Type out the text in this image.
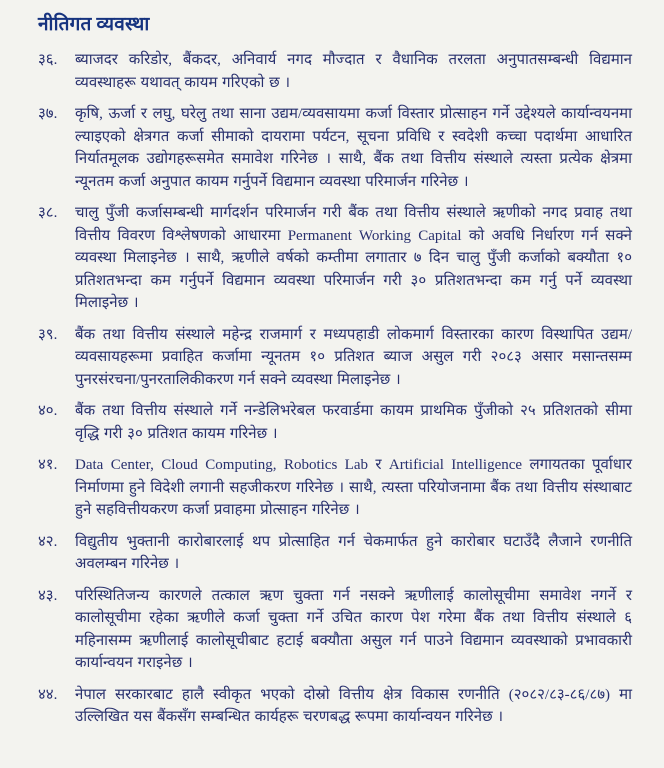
नीतिगत व्यवस्था
३६.	ब्याजदर करिडोर, बैंकदर, अनिवार्य नगद मौज्दात र वैधानिक तरलता अनुपातसम्बन्धी विद्यमान व्यवस्थाहरू यथावत् कायम गरिएको छ ।

३७.	कृषि, ऊर्जा र लघु, घरेलु तथा साना उद्यम/व्यवसायमा कर्जा विस्तार प्रोत्साहन गर्ने उद्देश्यले कार्यान्वयनमा ल्याइएको क्षेत्रगत कर्जा सीमाको दायरामा पर्यटन, सूचना प्रविधि र स्वदेशी कच्चा पदार्थमा आधारित निर्यातमूलक उद्योगहरूसमेत समावेश गरिनेछ । साथै, बैंक तथा वित्तीय संस्थाले त्यस्ता प्रत्येक क्षेत्रमा न्यूनतम कर्जा अनुपात कायम गर्नुपर्ने विद्यमान व्यवस्था परिमार्जन गरिनेछ ।

३८.	चालु पुँजी कर्जासम्बन्धी मार्गदर्शन परिमार्जन गरी बैंक तथा वित्तीय संस्थाले ऋणीको नगद प्रवाह तथा वित्तीय विवरण विश्लेषणको आधारमा Permanent Working Capital को अवधि निर्धारण गर्न सक्ने व्यवस्था मिलाइनेछ । साथै, ऋणीले वर्षको कम्तीमा लगातार ७ दिन चालु पुँजी कर्जाको बक्यौता १० प्रतिशतभन्दा कम गर्नुपर्ने विद्यमान व्यवस्था परिमार्जन गरी ३० प्रतिशतभन्दा कम गर्नु पर्ने व्यवस्था मिलाइनेछ ।

३९.	बैंक तथा वित्तीय संस्थाले महेन्द्र राजमार्ग र मध्यपहाडी लोकमार्ग विस्तारका कारण विस्थापित उद्यम/व्यवसायहरूमा प्रवाहित कर्जामा न्यूनतम १० प्रतिशत ब्याज असुल गरी २०८३ असार मसान्तसम्म पुनरसंरचना/पुनरतालिकीकरण गर्न सक्ने व्यवस्था मिलाइनेछ ।

४०.	बैंक तथा वित्तीय संस्थाले गर्ने नन्डेलिभरेबल फरवार्डमा कायम प्राथमिक पुँजीको २५ प्रतिशतको सीमा वृद्धि गरी ३० प्रतिशत कायम गरिनेछ ।

४१.	Data Center, Cloud Computing, Robotics Lab र Artificial Intelligence लगायतका पूर्वाधार निर्माणमा हुने विदेशी लगानी सहजीकरण गरिनेछ । साथै, त्यस्ता परियोजनामा बैंक तथा वित्तीय संस्थाबाट हुने सहवित्तीयकरण कर्जा प्रवाहमा प्रोत्साहन गरिनेछ ।

४२.	विद्युतीय भुक्तानी कारोबारलाई थप प्रोत्साहित गर्न चेकमार्फत हुने कारोबार घटाउँदै लैजाने रणनीति अवलम्बन गरिनेछ ।

४३.	परिस्थितिजन्य कारणले तत्काल ऋण चुक्ता गर्न नसक्ने ऋणीलाई कालोसूचीमा समावेश नगर्ने र कालोसूचीमा रहेका ऋणीले कर्जा चुक्ता गर्ने उचित कारण पेश गरेमा बैंक तथा वित्तीय संस्थाले ६ महिनासम्म ऋणीलाई कालोसूचीबाट हटाई बक्यौता असुल गर्न पाउने विद्यमान व्यवस्थाको प्रभावकारी कार्यान्वयन गराइनेछ ।

४४.	नेपाल सरकारबाट हालै स्वीकृत भएको दोस्रो वित्तीय क्षेत्र विकास रणनीति (२०८२/८३-८६/८७) मा उल्लिखित यस बैंकसँग सम्बन्धित कार्यहरू चरणबद्ध रूपमा कार्यान्वयन गरिनेछ ।
